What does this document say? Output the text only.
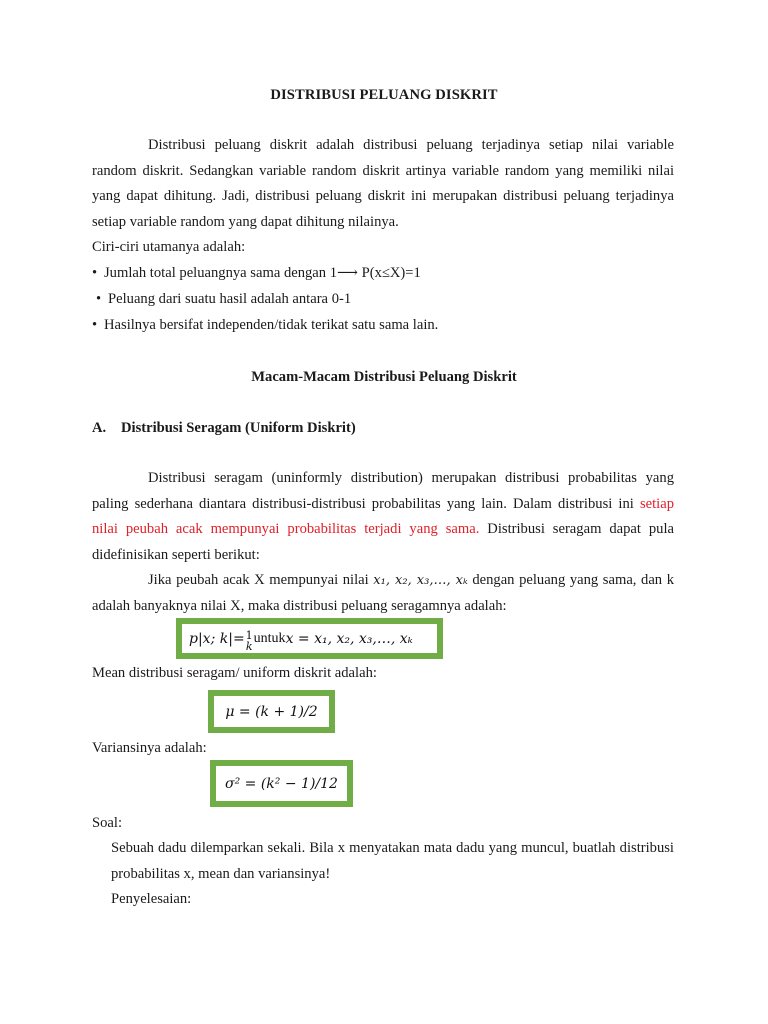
DISTRIBUSI PELUANG DISKRIT
Distribusi peluang diskrit adalah distribusi peluang terjadinya setiap nilai variable random diskrit. Sedangkan variable random diskrit artinya variable random yang memiliki nilai yang dapat dihitung. Jadi, distribusi peluang diskrit ini merupakan distribusi peluang terjadinya setiap variable random yang dapat dihitung nilainya.
Ciri-ciri utamanya adalah:
• Jumlah total peluangnya sama dengan 1⟶ P(x≤X)=1
• Peluang dari suatu hasil adalah antara 0-1
• Hasilnya bersifat independen/tidak terikat satu sama lain.
Macam-Macam Distribusi Peluang Diskrit
A. Distribusi Seragam (Uniform Diskrit)
Distribusi seragam (uninformly distribution) merupakan distribusi probabilitas yang paling sederhana diantara distribusi-distribusi probabilitas yang lain. Dalam distribusi ini setiap nilai peubah acak mempunyai probabilitas terjadi yang sama. Distribusi seragam dapat pula didefinisikan seperti berikut:
Jika peubah acak X mempunyai nilai x₁, x₂, x₃,…, xₖ dengan peluang yang sama, dan k adalah banyaknya nilai X, maka distribusi peluang seragamnya adalah:
p|x; k|= 1
k
untuk x = x₁, x₂, x₃,…, xₖ
Mean distribusi seragam/ uniform diskrit adalah:
μ = (k + 1)/2
Variansinya adalah:
σ² = (k² − 1)/12
Soal:
Sebuah dadu dilemparkan sekali. Bila x menyatakan mata dadu yang muncul, buatlah distribusi probabilitas x, mean dan variansinya!
Penyelesaian:
